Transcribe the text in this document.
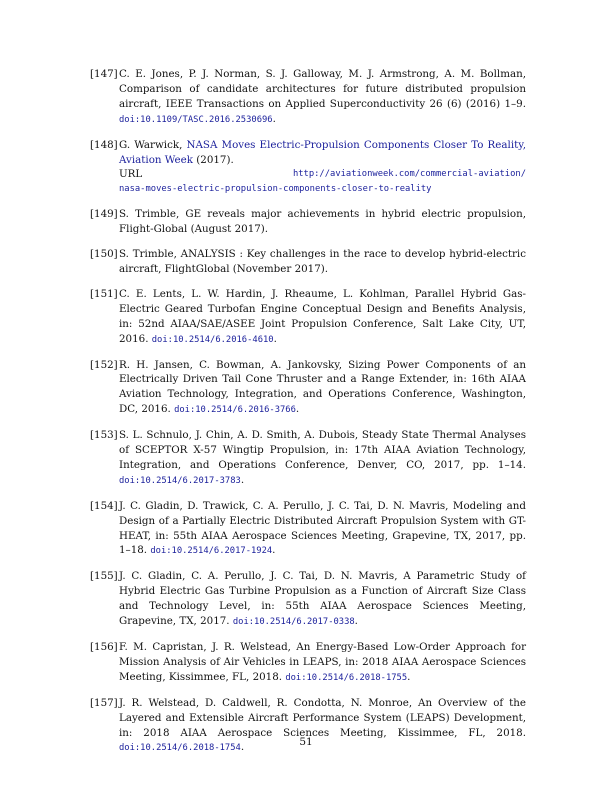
[147] C. E. Jones, P. J. Norman, S. J. Galloway, M. J. Armstrong, A. M. Bollman, Comparison of candidate architectures for future distributed propulsion aircraft, IEEE Transactions on Applied Superconductivity 26 (6) (2016) 1–9. doi:10.1109/TASC.2016.2530696.
[148] G. Warwick, NASA Moves Electric-Propulsion Components Closer To Reality, Aviation Week (2017).
URL	http://aviationweek.com/commercial-aviation/
nasa-moves-electric-propulsion-components-closer-to-reality
[149] S. Trimble, GE reveals major achievements in hybrid electric propulsion, Flight-Global (August 2017).
[150] S. Trimble, ANALYSIS : Key challenges in the race to develop hybrid-electric aircraft, FlightGlobal (November 2017).
[151] C. E. Lents, L. W. Hardin, J. Rheaume, L. Kohlman, Parallel Hybrid Gas-Electric Geared Turbofan Engine Conceptual Design and Benefits Analysis, in: 52nd AIAA/SAE/ASEE Joint Propulsion Conference, Salt Lake City, UT, 2016. doi:10.2514/6.2016-4610.
[152] R. H. Jansen, C. Bowman, A. Jankovsky, Sizing Power Components of an Electrically Driven Tail Cone Thruster and a Range Extender, in: 16th AIAA Aviation Technology, Integration, and Operations Conference, Washington, DC, 2016. doi:10.2514/6.2016-3766.
[153] S. L. Schnulo, J. Chin, A. D. Smith, A. Dubois, Steady State Thermal Analyses of SCEPTOR X-57 Wingtip Propulsion, in: 17th AIAA Aviation Technology, Integration, and Operations Conference, Denver, CO, 2017, pp. 1–14. doi:10.2514/6.2017-3783.
[154] J. C. Gladin, D. Trawick, C. A. Perullo, J. C. Tai, D. N. Mavris, Modeling and Design of a Partially Electric Distributed Aircraft Propulsion System with GT-HEAT, in: 55th AIAA Aerospace Sciences Meeting, Grapevine, TX, 2017, pp. 1–18. doi:10.2514/6.2017-1924.
[155] J. C. Gladin, C. A. Perullo, J. C. Tai, D. N. Mavris, A Parametric Study of Hybrid Electric Gas Turbine Propulsion as a Function of Aircraft Size Class and Technology Level, in: 55th AIAA Aerospace Sciences Meeting, Grapevine, TX, 2017. doi:10.2514/6.2017-0338.
[156] F. M. Capristan, J. R. Welstead, An Energy-Based Low-Order Approach for Mission Analysis of Air Vehicles in LEAPS, in: 2018 AIAA Aerospace Sciences Meeting, Kissimmee, FL, 2018. doi:10.2514/6.2018-1755.
[157] J. R. Welstead, D. Caldwell, R. Condotta, N. Monroe, An Overview of the Layered and Extensible Aircraft Performance System (LEAPS) Development, in: 2018 AIAA Aerospace Sciences Meeting, Kissimmee, FL, 2018. doi:10.2514/6.2018-1754.	51
